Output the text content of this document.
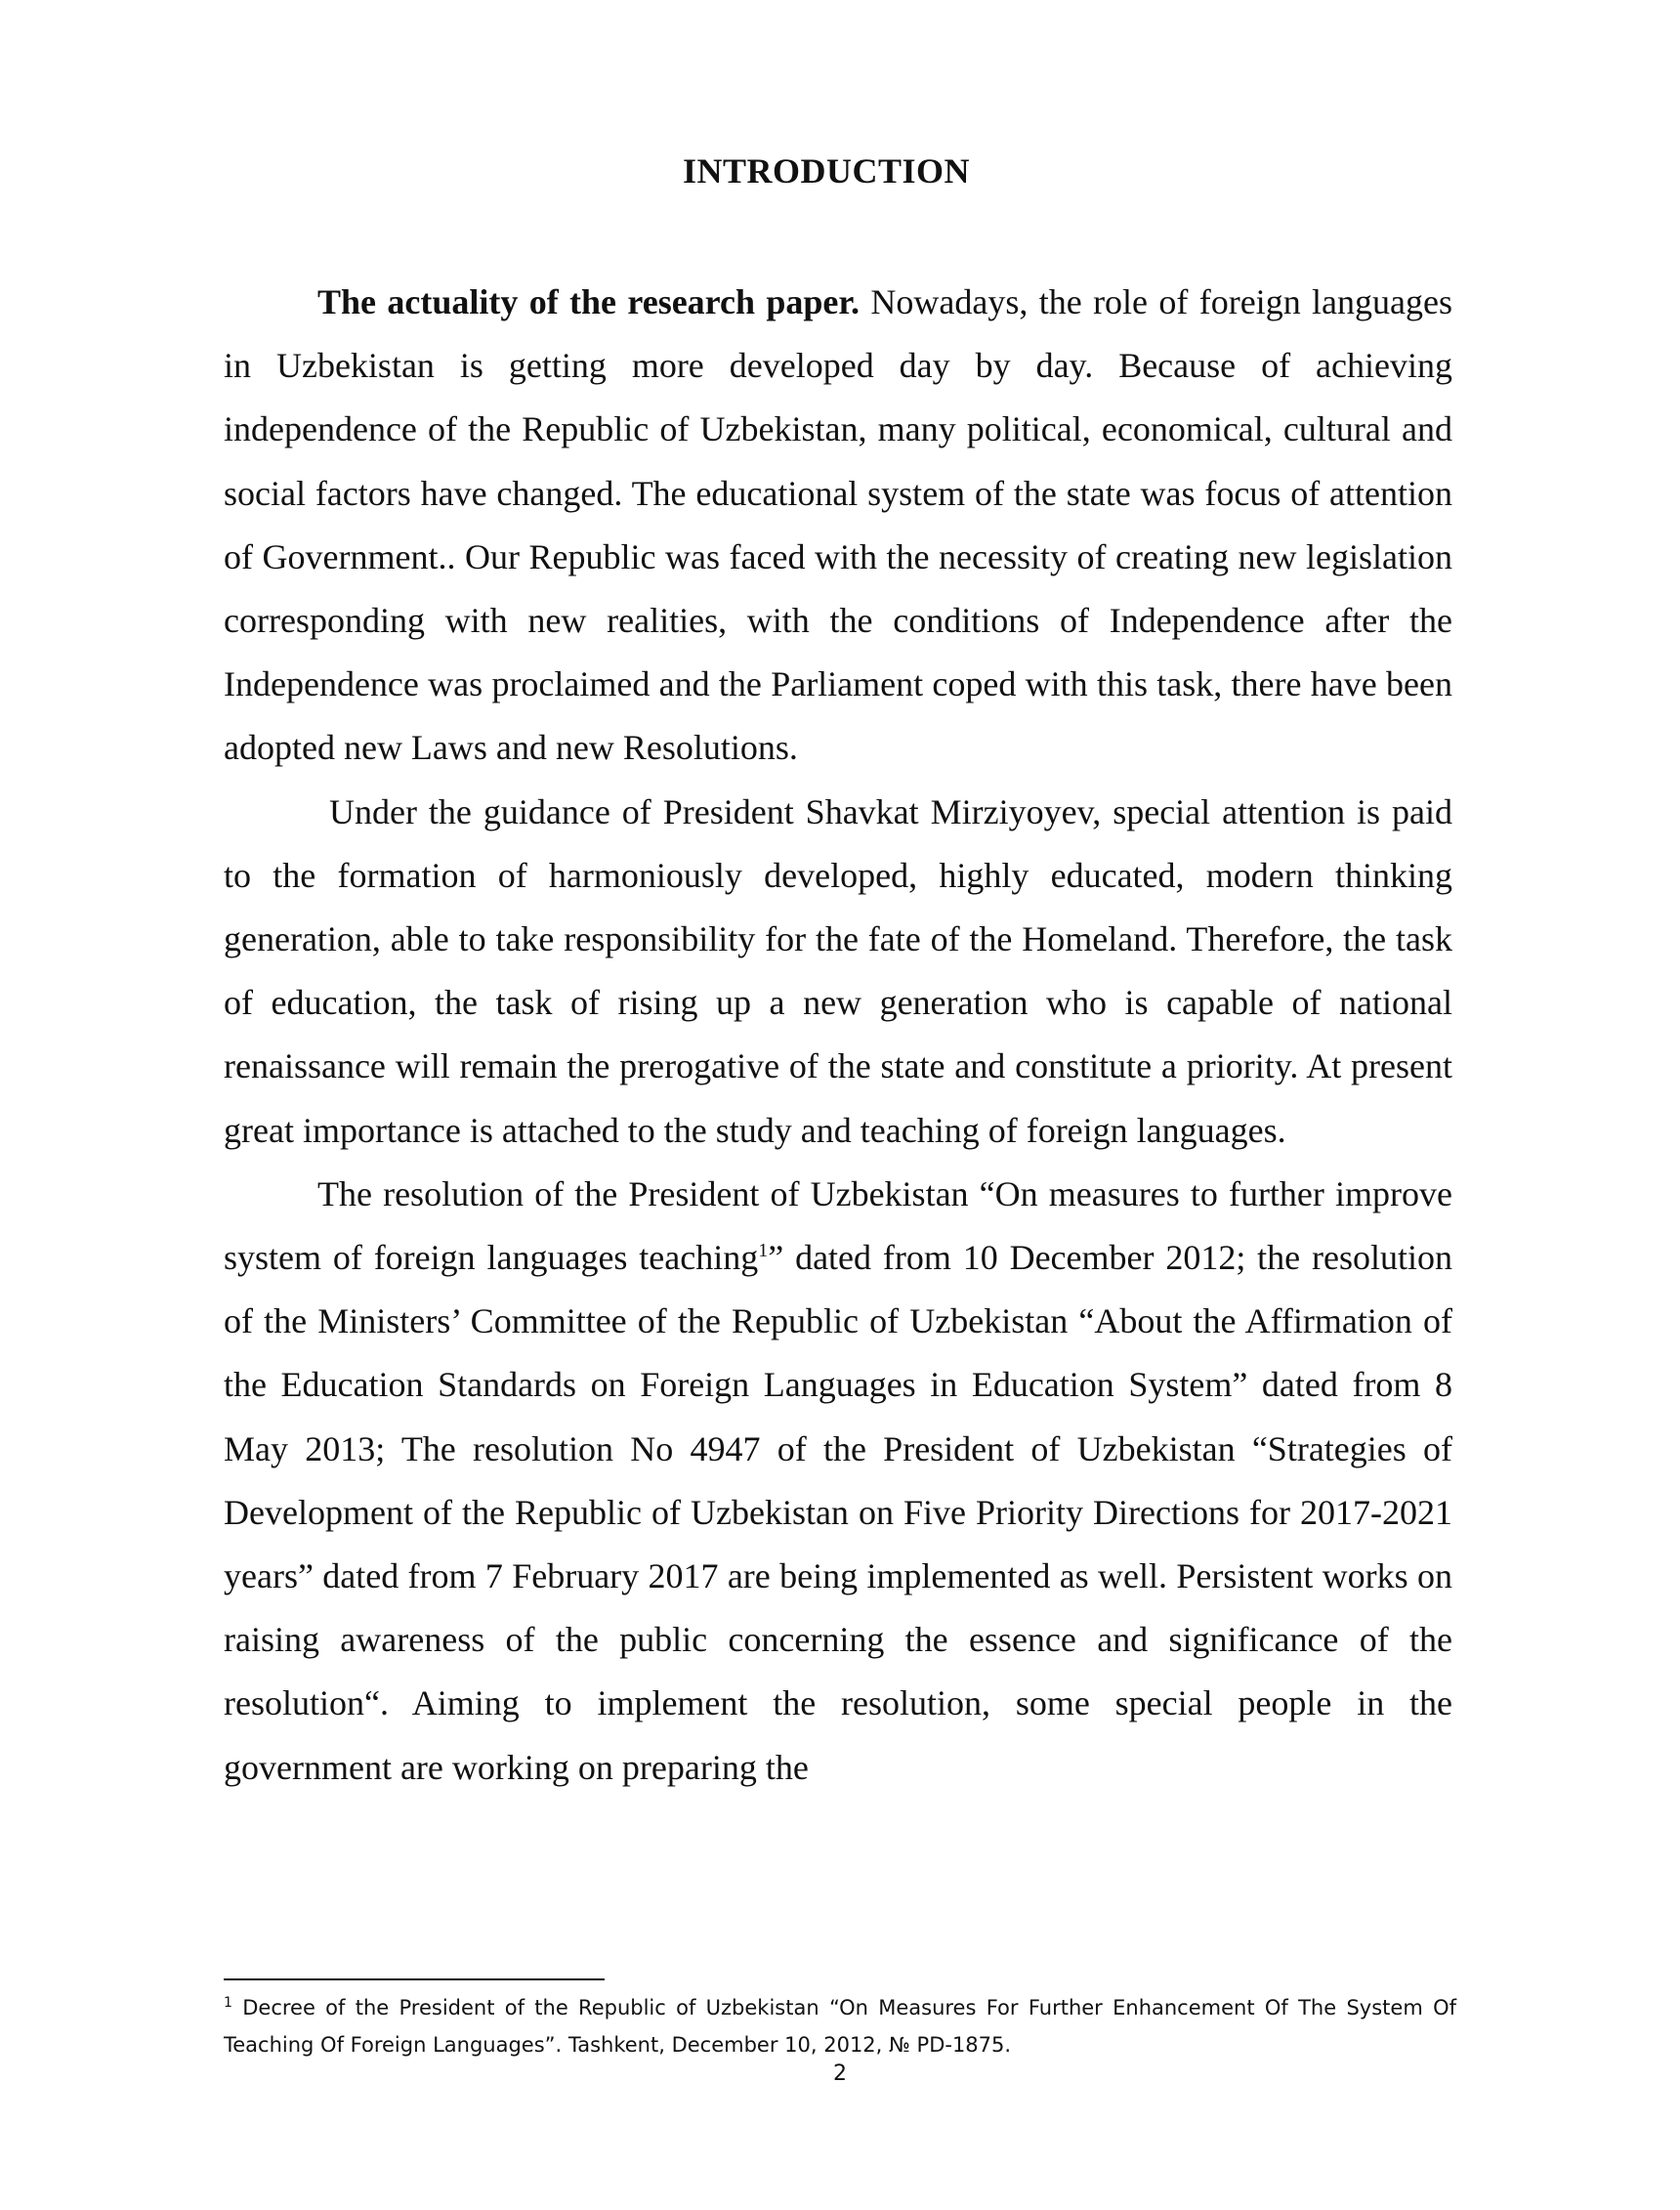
INTRODUCTION

The actuality of the research paper. Nowadays, the role of foreign languages in Uzbekistan is getting more developed day by day. Because of achieving independence of the Republic of Uzbekistan, many political, economical, cultural and social factors have changed. The educational system of the state was focus of attention of Government.. Our Republic was faced with the necessity of creating new legislation corresponding with new realities, with the conditions of Independence after the Independence was proclaimed and the Parliament coped with this task, there have been adopted new Laws and new Resolutions.

Under the guidance of President Shavkat Mirziyoyev, special attention is paid to the formation of harmoniously developed, highly educated, modern thinking generation, able to take responsibility for the fate of the Homeland. Therefore, the task of education, the task of rising up a new generation who is capable of national renaissance will remain the prerogative of the state and constitute a priority. At present great importance is attached to the study and teaching of foreign languages.

The resolution of the President of Uzbekistan “On measures to further improve system of foreign languages teaching$^1$” dated from 10 December 2012; the resolution of the Ministers’ Committee of the Republic of Uzbekistan “About the Affirmation of the Education Standards on Foreign Languages in Education System” dated from 8 May 2013; The resolution No 4947 of the President of Uzbekistan “Strategies of Development of the Republic of Uzbekistan on Five Priority Directions for 2017-2021 years” dated from 7 February 2017 are being implemented as well. Persistent works on raising awareness of the public concerning the essence and significance of the resolution“. Aiming to implement the resolution, some special people in the government are working on preparing the

$^1$ Decree of the President of the Republic of Uzbekistan “On Measures For Further Enhancement Of The System Of Teaching Of Foreign Languages”. Tashkent, December 10, 2012, № PD-1875.
2
